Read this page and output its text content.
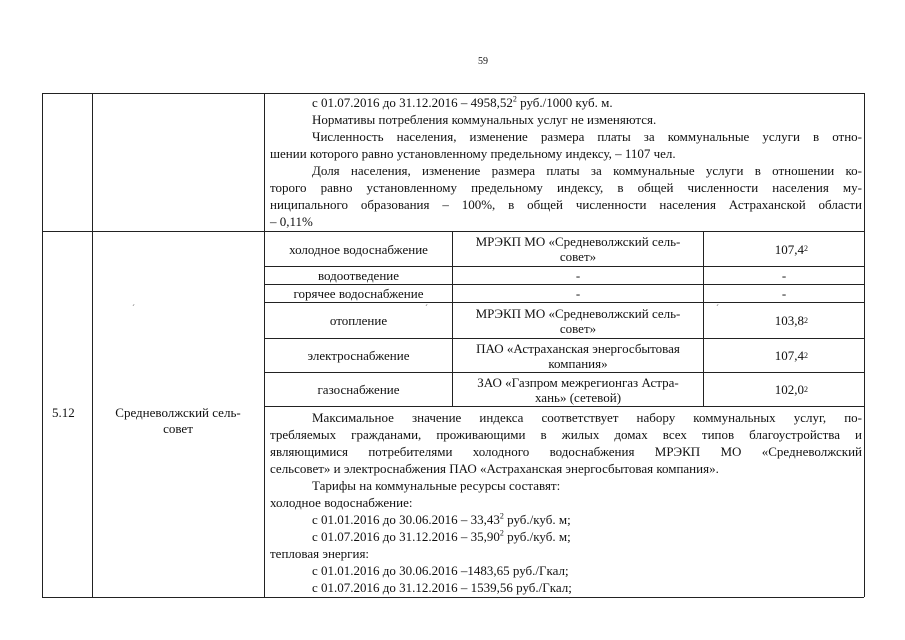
59
с 01.07.2016 до 31.12.2016 – 4958,52$^2$ руб./1000 куб. м.
Нормативы потребления коммунальных услуг не изменяются.
Численность населения, изменение размера платы за коммунальные услуги в отно-
шении которого равно установленному предельному индексу, – 1107 чел.
Доля населения, изменение размера платы за коммунальные услуги в отношении ко-
торого равно установленному предельному индексу, в общей численности населения му-
ниципального образования – 100%, в общей численности населения Астраханской области
– 0,11%
5.12	Средневолжский сель-
совет
холодное водоснабжение	МРЭКП МО «Средневолжский сель-
совет»	107,4 2
водоотведение	-	-
горячее водоснабжение	-	-
отопление	МРЭКП МО «Средневолжский сель-
совет»	103,8 2
электроснабжение	ПАО «Астраханская энергосбытовая
компания»	107,4 2
газоснабжение	ЗАО «Газпром межрегионгаз Астра-
хань» (сетевой)	102,0 2
Максимальное значение индекса соответствует набору коммунальных услуг, по-
требляемых гражданами, проживающими в жилых домах всех типов благоустройства и
являющимися потребителями холодного водоснабжения МРЭКП МО «Средневолжский
сельсовет» и электроснабжения ПАО «Астраханская энергосбытовая компания».
Тарифы на коммунальные ресурсы составят:
холодное водоснабжение:
с 01.01.2016 до 30.06.2016 – 33,43$^2$ руб./куб. м;
с 01.07.2016 до 31.12.2016 – 35,90$^2$ руб./куб. м;
тепловая энергия:
с 01.01.2016 до 30.06.2016 –1483,65 руб./Гкал;
с 01.07.2016 до 31.12.2016 – 1539,56 руб./Гкал;
ˊ	ˊ	ˊ
